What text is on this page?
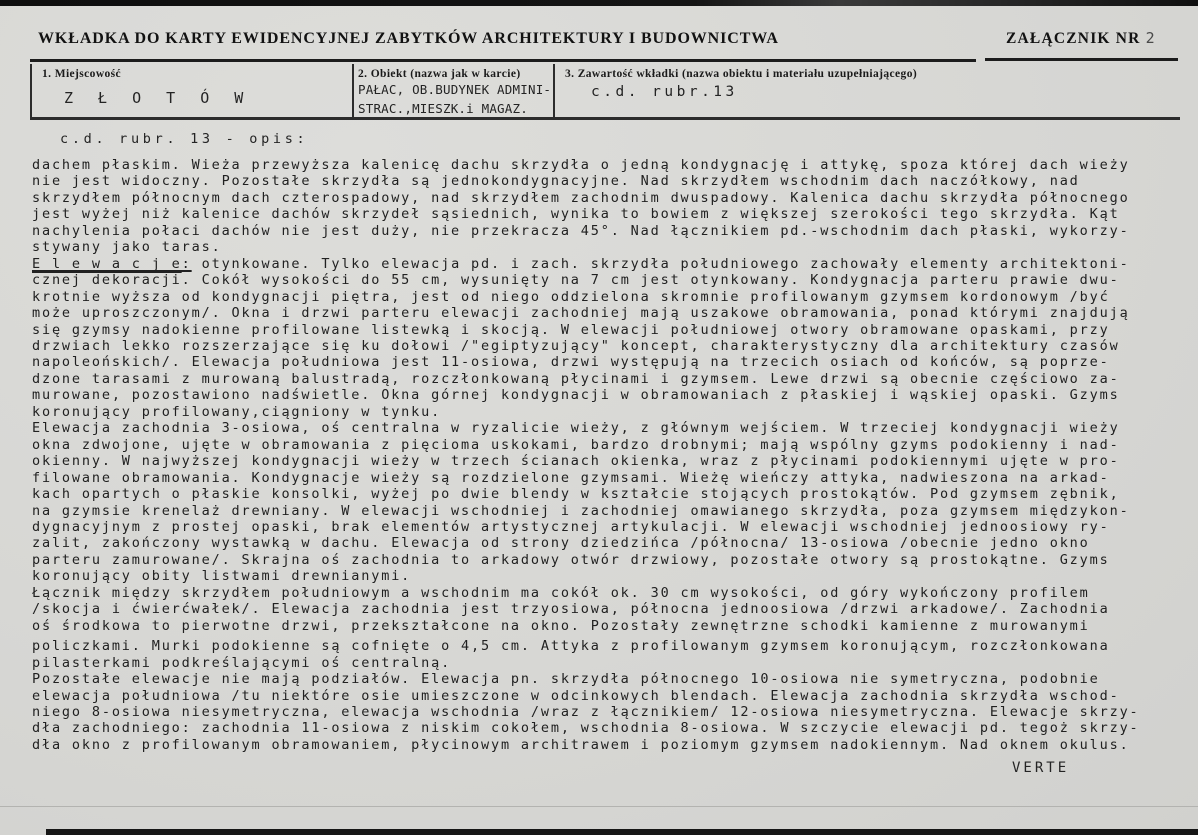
WKŁADKA DO KARTY EWIDENCYJNEJ ZABYTKÓW ARCHITEKTURY I BUDOWNICTWA	ZAŁĄCZNIK NR 2
1. Miejscowość
Z Ł O T Ó W
2. Obiekt (nazwa jak w karcie)
PAŁAC, OB.BUDYNEK ADMINI-
STRAC.,MIESZK.i MAGAZ.
3. Zawartość wkładki (nazwa obiektu i materiału uzupełniającego)
c.d. rubr.13
c.d. rubr. 13 - opis:
dachem płaskim. Wieża przewyższa kalenicę dachu skrzydła o jedną kondygnację i attykę, spoza której dach wieży
nie jest widoczny. Pozostałe skrzydła są jednokondygnacyjne. Nad skrzydłem wschodnim dach naczółkowy, nad
skrzydłem północnym dach czterospadowy, nad skrzydłem zachodnim dwuspadowy. Kalenica dachu skrzydła północnego
jest wyżej niż kalenice dachów skrzydeł sąsiednich, wynika to bowiem z większej szerokości tego skrzydła. Kąt
nachylenia połaci dachów nie jest duży, nie przekracza 45°. Nad łącznikiem pd.-wschodnim dach płaski, wykorzy-
stywany jako taras.
E l e w a c j e: otynkowane. Tylko elewacja pd. i zach. skrzydła południowego zachowały elementy architektoni-
cznej dekoracji. Cokół wysokości do 55 cm, wysunięty na 7 cm jest otynkowany. Kondygnacja parteru prawie dwu-
krotnie wyższa od kondygnacji piętra, jest od niego oddzielona skromnie profilowanym gzymsem kordonowym /być
może uproszczonym/. Okna i drzwi parteru elewacji zachodniej mają uszakowe obramowania, ponad którymi znajdują
się gzymsy nadokienne profilowane listewką i skocją. W elewacji południowej otwory obramowane opaskami, przy
drzwiach lekko rozszerzające się ku dołowi /"egiptyzujący" koncept, charakterystyczny dla architektury czasów
napoleońskich/. Elewacja południowa jest 11-osiowa, drzwi występują na trzecich osiach od końców, są poprze-
dzone tarasami z murowaną balustradą, rozczłonkowaną płycinami i gzymsem. Lewe drzwi są obecnie częściowo za-
murowane, pozostawiono nadświetle. Okna górnej kondygnacji w obramowaniach z płaskiej i wąskiej opaski. Gzyms
koronujący profilowany,ciągniony w tynku.
Elewacja zachodnia 3-osiowa, oś centralna w ryzalicie wieży, z głównym wejściem. W trzeciej kondygnacji wieży
okna zdwojone, ujęte w obramowania z pięcioma uskokami, bardzo drobnymi; mają wspólny gzyms podokienny i nad-
okienny. W najwyższej kondygnacji wieży w trzech ścianach okienka, wraz z płycinami podokiennymi ujęte w pro-
filowane obramowania. Kondygnacje wieży są rozdzielone gzymsami. Wieżę wieńczy attyka, nadwieszona na arkad-
kach opartych o płaskie konsolki, wyżej po dwie blendy w kształcie stojących prostokątów. Pod gzymsem zębnik,
na gzymsie krenelaż drewniany. W elewacji wschodniej i zachodniej omawianego skrzydła, poza gzymsem międzykon-
dygnacyjnym z prostej opaski, brak elementów artystycznej artykulacji. W elewacji wschodniej jednoosiowy ry-
zalit, zakończony wystawką w dachu. Elewacja od strony dziedzińca /północna/ 13-osiowa /obecnie jedno okno
parteru zamurowane/. Skrajna oś zachodnia to arkadowy otwór drzwiowy, pozostałe otwory są prostokątne. Gzyms
koronujący obity listwami drewnianymi.
Łącznik między skrzydłem południowym a wschodnim ma cokół ok. 30 cm wysokości, od góry wykończony profilem
/skocja i ćwierćwałek/. Elewacja zachodnia jest trzyosiowa, północna jednoosiowa /drzwi arkadowe/. Zachodnia
oś środkowa to pierwotne drzwi, przekształcone na okno. Pozostały zewnętrzne schodki kamienne z murowanymi
policzkami. Murki podokienne są cofnięte o 4,5 cm. Attyka z profilowanym gzymsem koronującym, rozczłonkowana
pilasterkami podkreślającymi oś centralną.
Pozostałe elewacje nie mają podziałów. Elewacja pn. skrzydła północnego 10-osiowa nie symetryczna, podobnie
elewacja południowa /tu niektóre osie umieszczone w odcinkowych blendach. Elewacja zachodnia skrzydła wschod-
niego 8-osiowa niesymetryczna, elewacja wschodnia /wraz z łącznikiem/ 12-osiowa niesymetryczna. Elewacje skrzy-
dła zachodniego: zachodnia 11-osiowa z niskim cokołem, wschodnia 8-osiowa. W szczycie elewacji pd. tegoż skrzy-
dła okno z profilowanym obramowaniem, płycinowym architrawem i poziomym gzymsem nadokiennym. Nad oknem okulus.
VERTE
